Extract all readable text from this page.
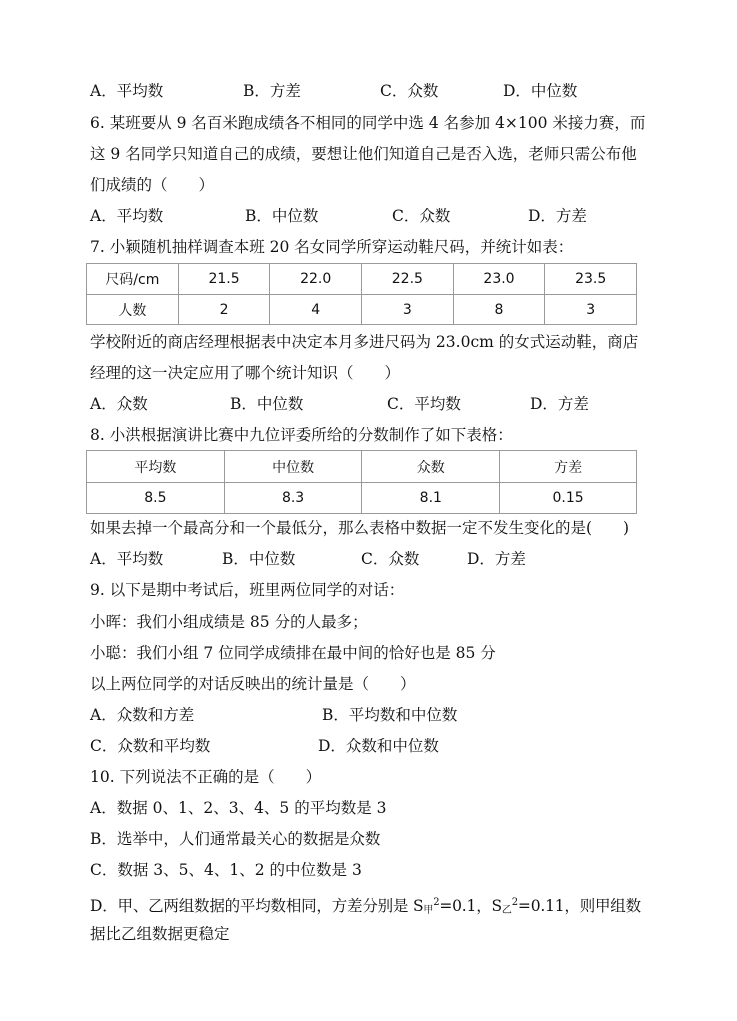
A．平均数	B．方差	C．众数	D．中位数
6. 某班要从 9 名百米跑成绩各不相同的同学中选 4 名参加 4×100 米接力赛，而
这 9 名同学只知道自己的成绩，要想让他们知道自己是否入选，老师只需公布他
们成绩的（　　）
A．平均数	B．中位数	C．众数	D．方差
7. 小颖随机抽样调查本班 20 名女同学所穿运动鞋尺码，并统计如表：
尺码/cm	21.5	22.0	22.5	23.0	23.5
人数	2	4	3	8	3
学校附近的商店经理根据表中决定本月多进尺码为 23.0cm 的女式运动鞋，商店
经理的这一决定应用了哪个统计知识（　　）
A．众数	B．中位数	C．平均数	D．方差
8. 小洪根据演讲比赛中九位评委所给的分数制作了如下表格：
平均数	中位数	众数	方差
8.5	8.3	8.1	0.15
如果去掉一个最高分和一个最低分，那么表格中数据一定不发生变化的是(　　)
A．平均数	B．中位数	C．众数	D．方差
9. 以下是期中考试后，班里两位同学的对话：
小晖：我们小组成绩是 85 分的人最多；
小聪：我们小组 7 位同学成绩排在最中间的恰好也是 85 分
以上两位同学的对话反映出的统计量是（　　）
A．众数和方差	B．平均数和中位数
C．众数和平均数	D．众数和中位数
10. 下列说法不正确的是（　　）
A．数据 0、1、2、3、4、5 的平均数是 3
B．选举中，人们通常最关心的数据是众数
C．数据 3、5、4、1、2 的中位数是 3
D．甲、乙两组数据的平均数相同，方差分别是 $S_甲^2=0.1$，$S_乙^2=0.11$，则甲组数
据比乙组数据更稳定
